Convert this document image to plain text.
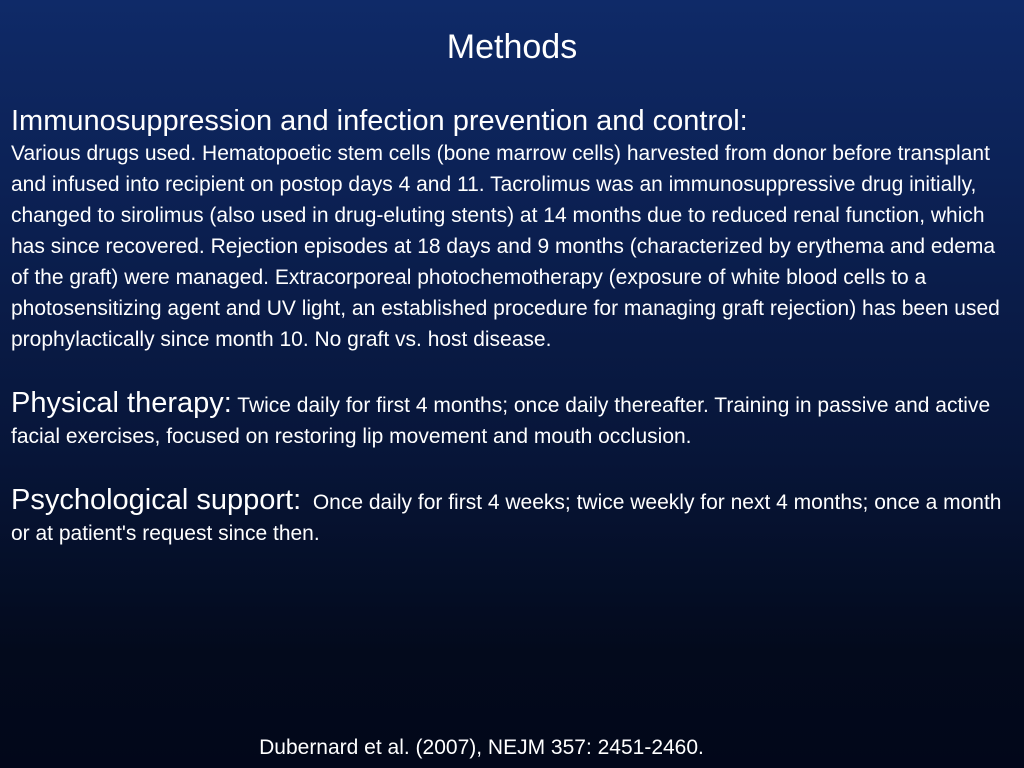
Methods
Immunosuppression and infection prevention and control:

Various drugs used. Hematopoetic stem cells (bone marrow cells) harvested from donor before transplant and infused into recipient on postop days 4 and 11. Tacrolimus was an immunosuppressive drug initially, changed to sirolimus (also used in drug-eluting stents) at 14 months due to reduced renal function, which has since recovered. Rejection episodes at 18 days and 9 months (characterized by erythema and edema of the graft) were managed. Extracorporeal photochemotherapy (exposure of white blood cells to a photosensitizing agent and UV light, an established procedure for managing graft rejection) has been used prophylactically since month 10. No graft vs. host disease.

Physical therapy: Twice daily for first 4 months; once daily thereafter. Training in passive and active facial exercises, focused on restoring lip movement and mouth occlusion.

Psychological support:  Once daily for first 4 weeks; twice weekly for next 4 months; once a month or at patient's request since then.

Dubernard et al. (2007), NEJM 357: 2451-2460.
